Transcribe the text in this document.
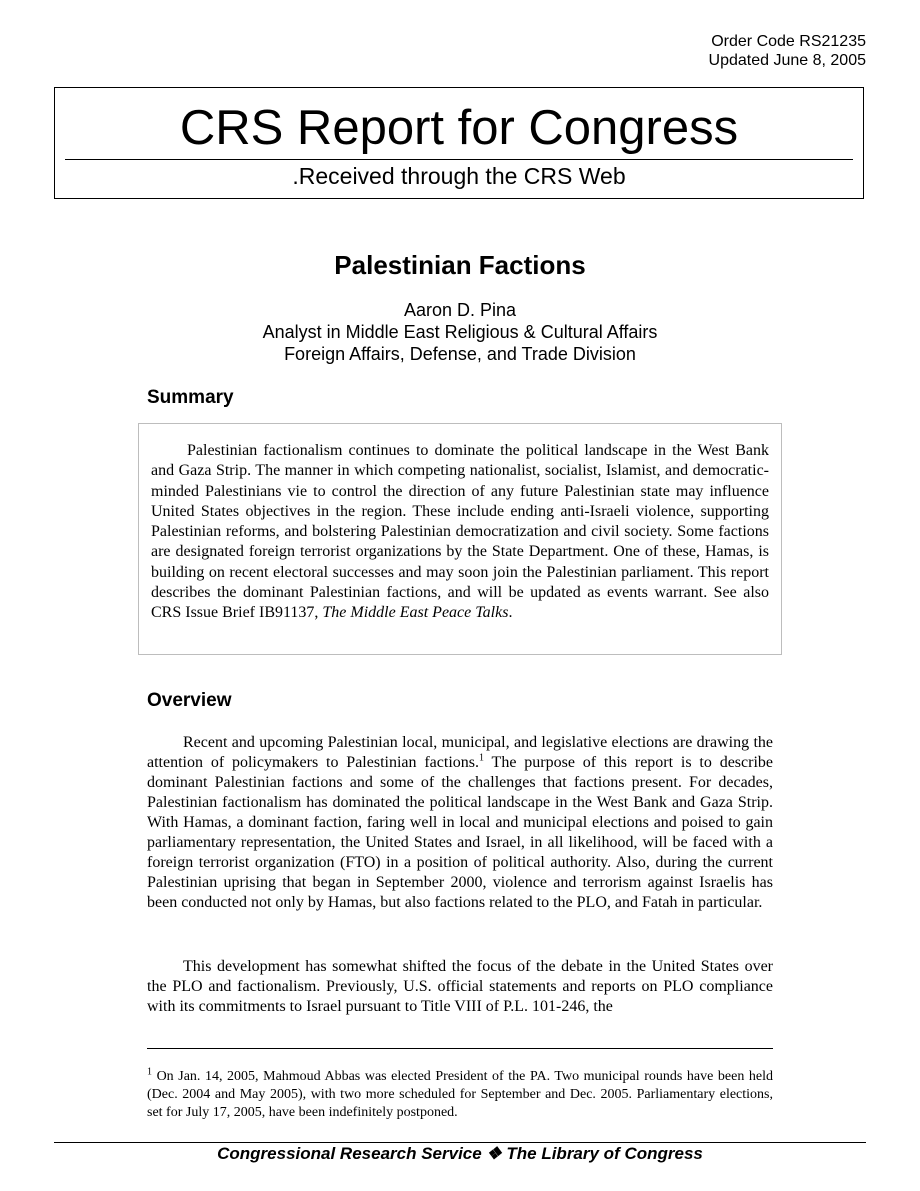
Order Code RS21235
Updated June 8, 2005
CRS Report for Congress
.Received through the CRS Web
Palestinian Factions
Aaron D. Pina
Analyst in Middle East Religious & Cultural Affairs
Foreign Affairs, Defense, and Trade Division
Summary

Palestinian factionalism continues to dominate the political landscape in the West Bank and Gaza Strip. The manner in which competing nationalist, socialist, Islamist, and democratic-minded Palestinians vie to control the direction of any future Palestinian state may influence United States objectives in the region. These include ending anti-Israeli violence, supporting Palestinian reforms, and bolstering Palestinian democratization and civil society. Some factions are designated foreign terrorist organizations by the State Department. One of these, Hamas, is building on recent electoral successes and may soon join the Palestinian parliament. This report describes the dominant Palestinian factions, and will be updated as events warrant. See also CRS Issue Brief IB91137, The Middle East Peace Talks.

Overview

Recent and upcoming Palestinian local, municipal, and legislative elections are drawing the attention of policymakers to Palestinian factions.$^1$ The purpose of this report is to describe dominant Palestinian factions and some of the challenges that factions present. For decades, Palestinian factionalism has dominated the political landscape in the West Bank and Gaza Strip. With Hamas, a dominant faction, faring well in local and municipal elections and poised to gain parliamentary representation, the United States and Israel, in all likelihood, will be faced with a foreign terrorist organization (FTO) in a position of political authority. Also, during the current Palestinian uprising that began in September 2000, violence and terrorism against Israelis has been conducted not only by Hamas, but also factions related to the PLO, and Fatah in particular.

This development has somewhat shifted the focus of the debate in the United States over the PLO and factionalism. Previously, U.S. official statements and reports on PLO compliance with its commitments to Israel pursuant to Title VIII of P.L. 101-246, the

$^1$ On Jan. 14, 2005, Mahmoud Abbas was elected President of the PA. Two municipal rounds have been held (Dec. 2004 and May 2005), with two more scheduled for September and Dec. 2005. Parliamentary elections, set for July 17, 2005, have been indefinitely postponed.

Congressional Research Service ❖ The Library of Congress
